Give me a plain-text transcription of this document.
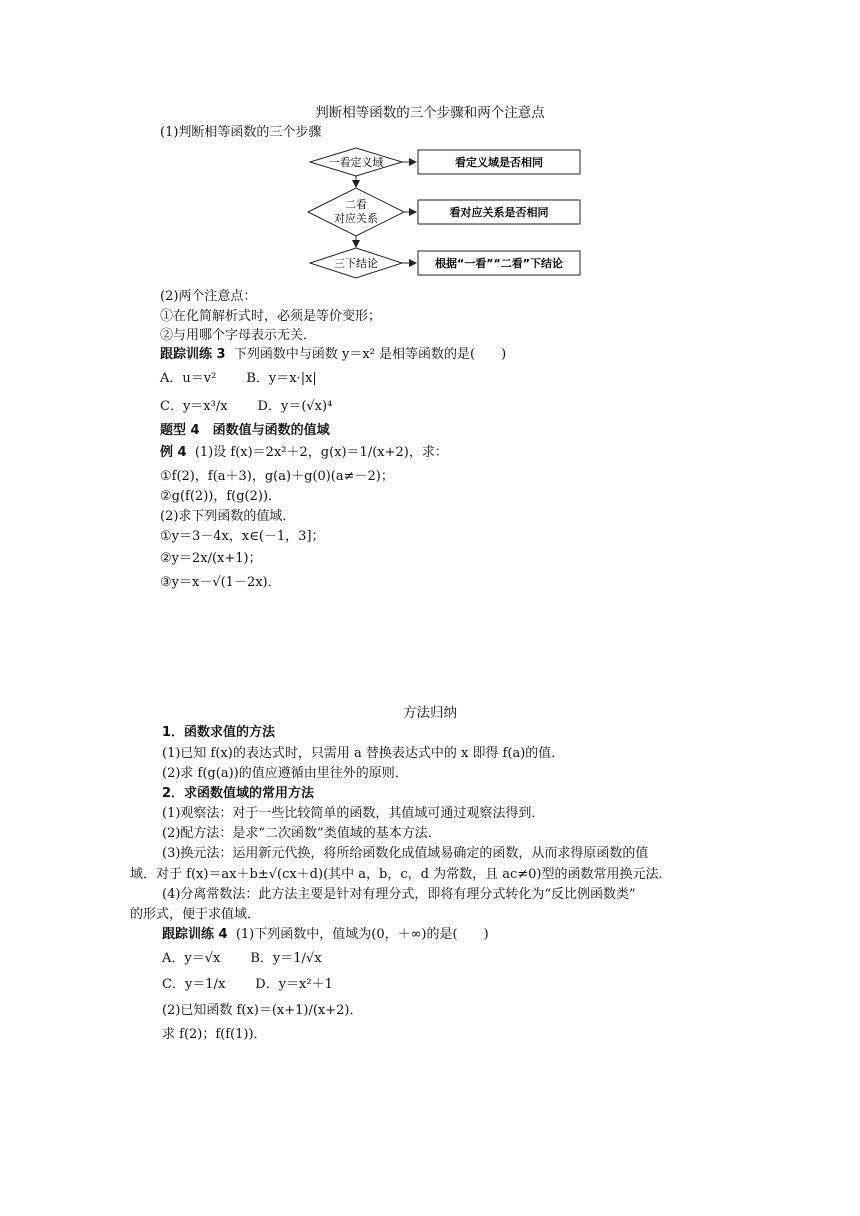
判断相等函数的三个步骤和两个注意点
(1)判断相等函数的三个步骤
一看定义域
二看
对应关系
三下结论
看定义域是否相同
看对应关系是否相同
根据“一看”“二看”下结论
(2)两个注意点：
①在化简解析式时，必须是等价变形；
②与用哪个字母表示无关．
跟踪训练 3 下列函数中与函数 y＝x² 是相等函数的是(　　)
A．u＝v² B．y＝x·|x|
C．y＝x³/x D．y＝(√x)⁴
题型 4　函数值与函数的值域
例 4 (1)设 f(x)＝2x²＋2，g(x)＝1/(x+2)，求：
①f(2)，f(a＋3)，g(a)＋g(0)(a≠－2)；
②g(f(2))，f(g(2))．
(2)求下列函数的值域．
①y＝3－4x，x∈(－1，3]；
②y＝2x/(x+1)；
③y＝x－√(1－2x)．
方法归纳
1．函数求值的方法
(1)已知 f(x)的表达式时，只需用 a 替换表达式中的 x 即得 f(a)的值．
(2)求 f(g(a))的值应遵循由里往外的原则．
2．求函数值域的常用方法
(1)观察法：对于一些比较简单的函数，其值域可通过观察法得到．
(2)配方法：是求“二次函数”类值域的基本方法．
(3)换元法：运用新元代换，将所给函数化成值域易确定的函数，从而求得原函数的值
域．对于 f(x)＝ax＋b±√(cx＋d)(其中 a，b，c，d 为常数，且 ac≠0)型的函数常用换元法．
(4)分离常数法：此方法主要是针对有理分式，即将有理分式转化为“反比例函数类”
的形式，便于求值域．
跟踪训练 4 (1)下列函数中，值域为(0，＋∞)的是(　　)
A．y＝√x B．y＝1/√x
C．y＝1/x D．y＝x²＋1
(2)已知函数 f(x)＝(x+1)/(x+2)．
求 f(2)；f(f(1))．
